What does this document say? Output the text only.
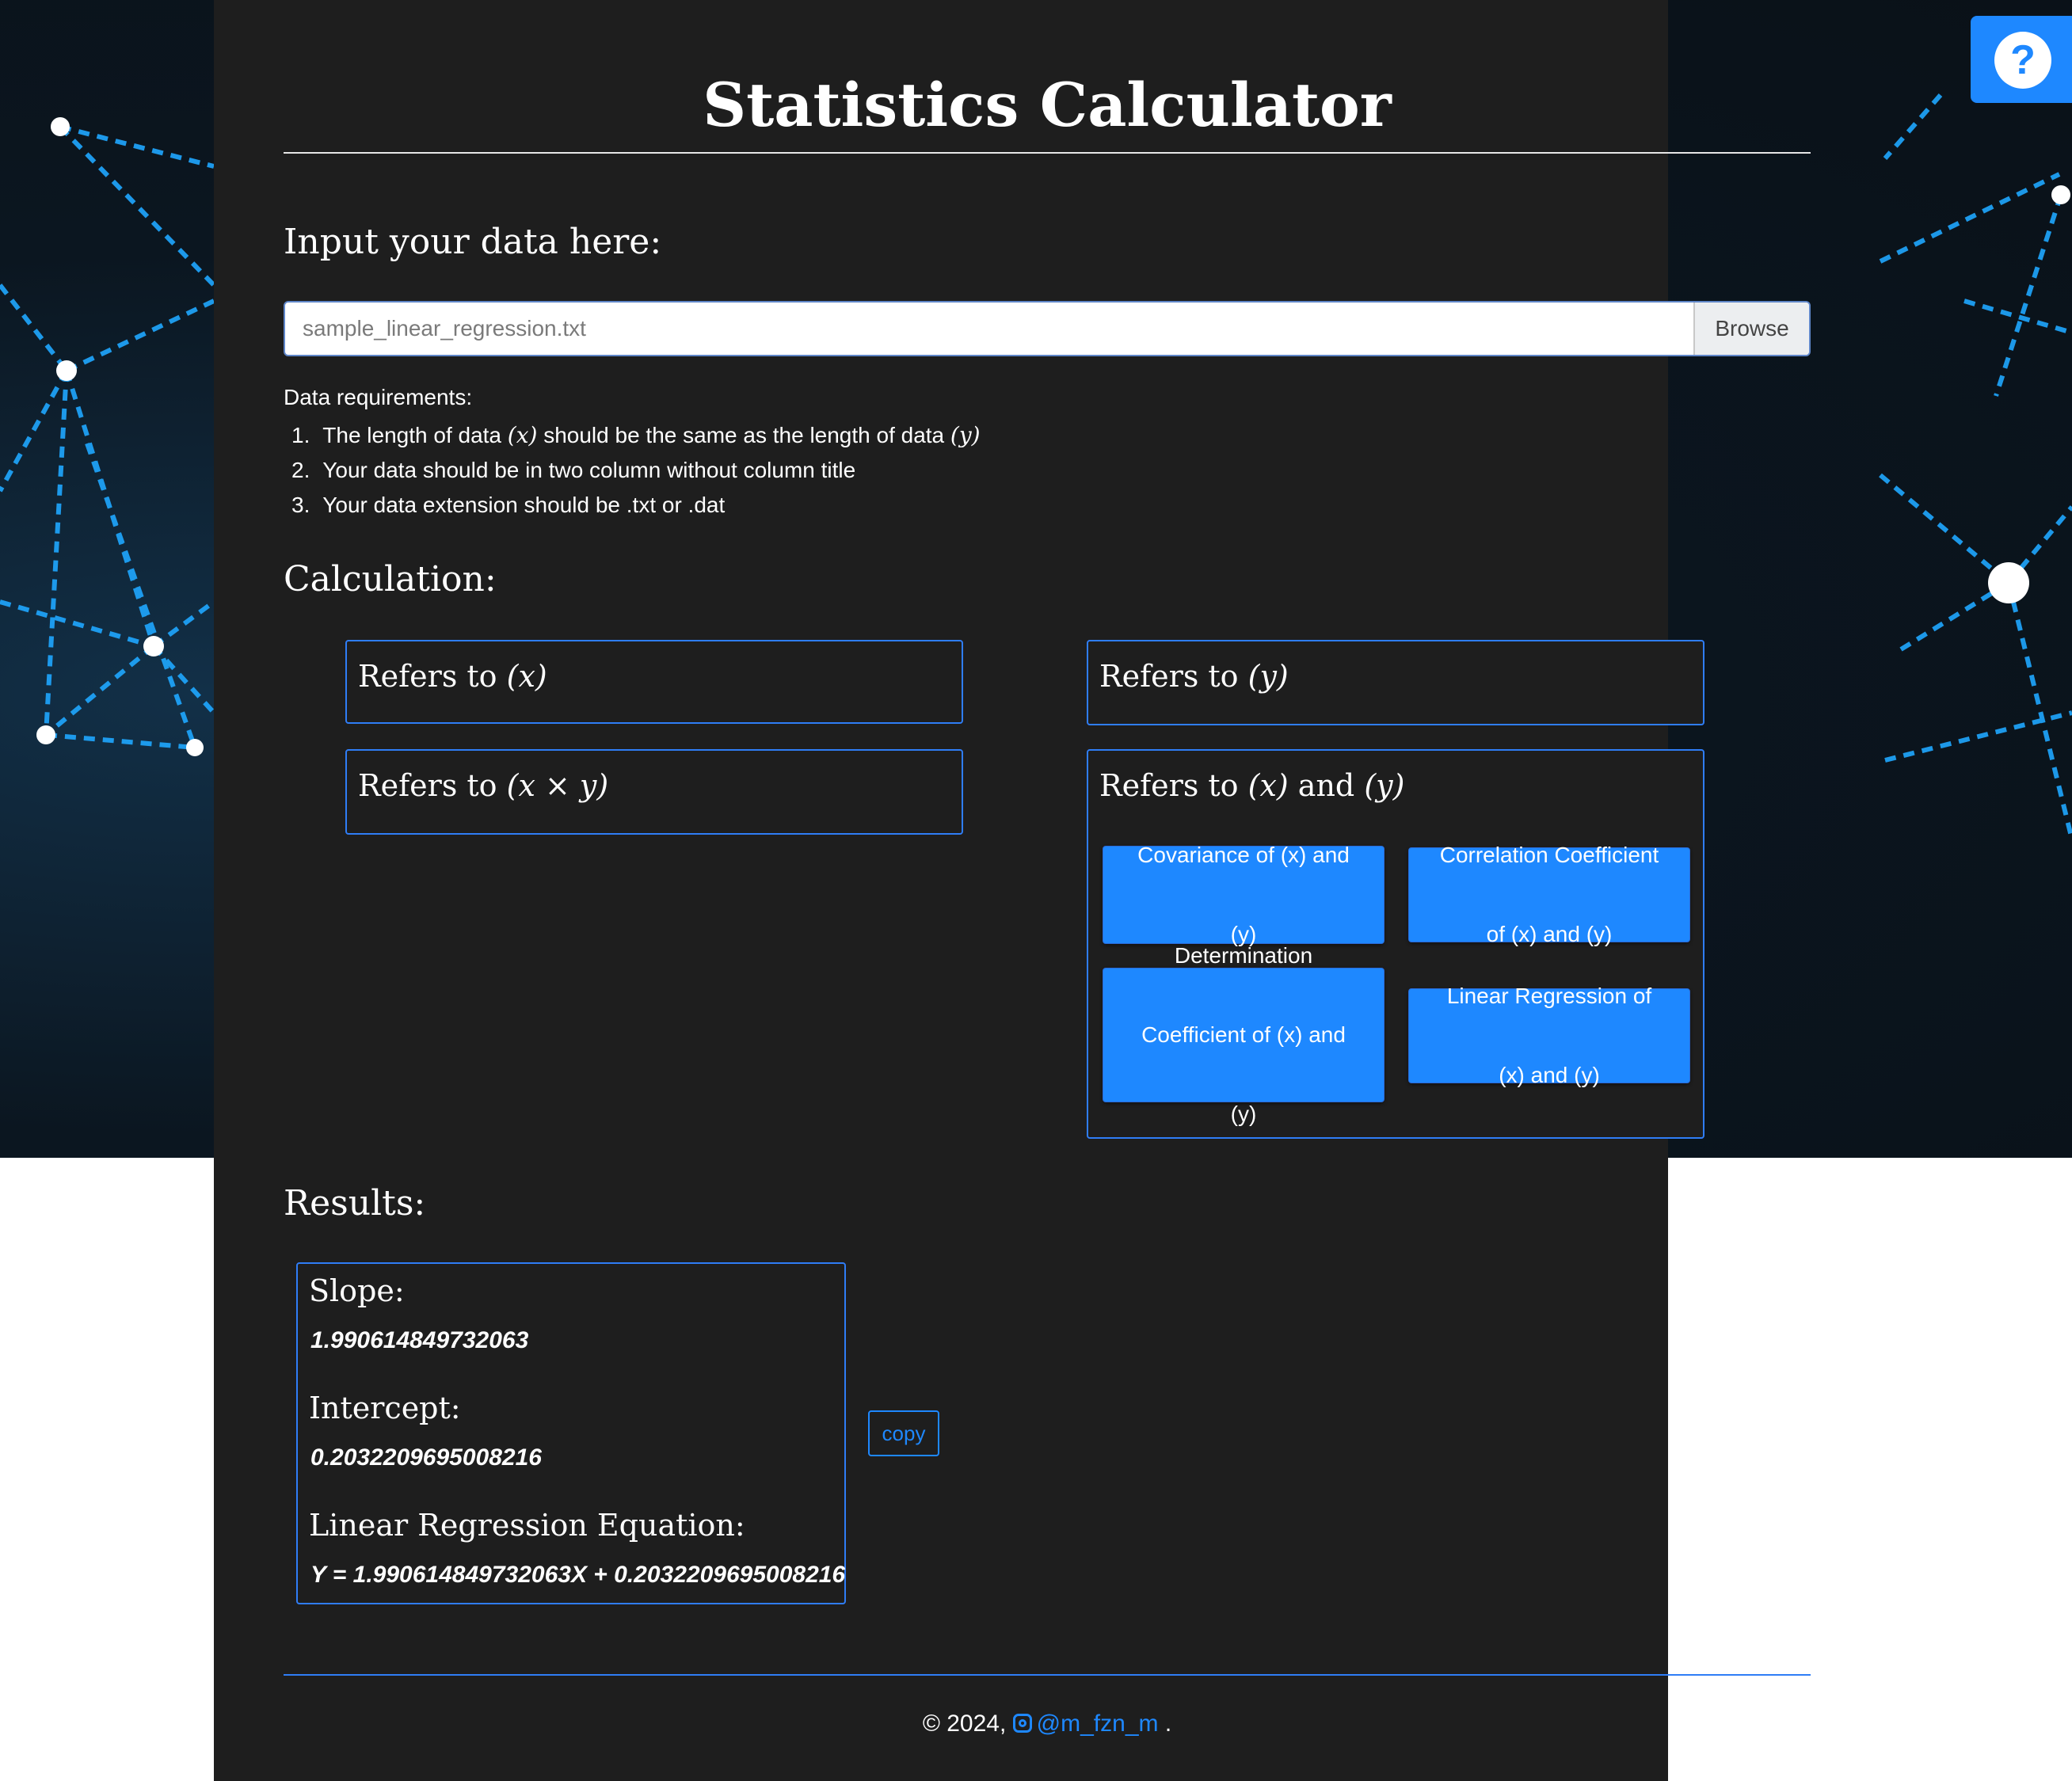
Statistics Calculator
Input your data here:
sample_linear_regression.txt	Browse
Data requirements:
1. The length of data (x) should be the same as the length of data (y)
2. Your data should be in two column without column title
3. Your data extension should be .txt or .dat
Calculation:
Refers to (x)	Refers to (y)
Refers to (x × y)	Refers to (x) and (y)
Covariance of (x) and

(y)
Correlation Coefficient

of (x) and (y)
Determination

Coefficient of (x) and

(y)
Linear Regression of

(x) and (y)
Results:

Slope:

1.990614849732063

Intercept:

0.2032209695008216

Linear Regression Equation:

Y = 1.990614849732063X + 0.2032209695008216

copy
© 2024, @m_fzn_m .
?
